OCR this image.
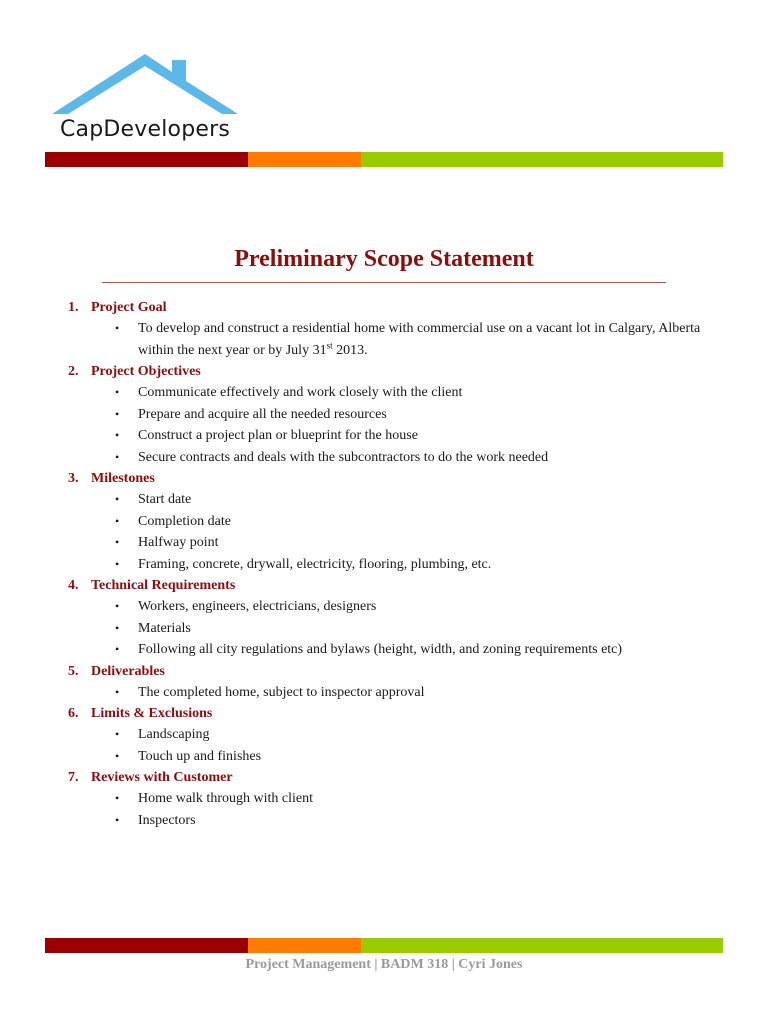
CapDevelopers
Preliminary Scope Statement
1. Project Goal
• To develop and construct a residential home with commercial use on a vacant lot in Calgary, Alberta within the next year or by July 31st 2013.
2. Project Objectives
• Communicate effectively and work closely with the client
• Prepare and acquire all the needed resources
• Construct a project plan or blueprint for the house
• Secure contracts and deals with the subcontractors to do the work needed
3. Milestones
• Start date
• Completion date
• Halfway point
• Framing, concrete, drywall, electricity, flooring, plumbing, etc.
4. Technical Requirements
• Workers, engineers, electricians, designers
• Materials
• Following all city regulations and bylaws (height, width, and zoning requirements etc)
5. Deliverables
• The completed home, subject to inspector approval
6. Limits & Exclusions
• Landscaping
• Touch up and finishes
7. Reviews with Customer
• Home walk through with client
• Inspectors
Project Management | BADM 318 | Cyri Jones
